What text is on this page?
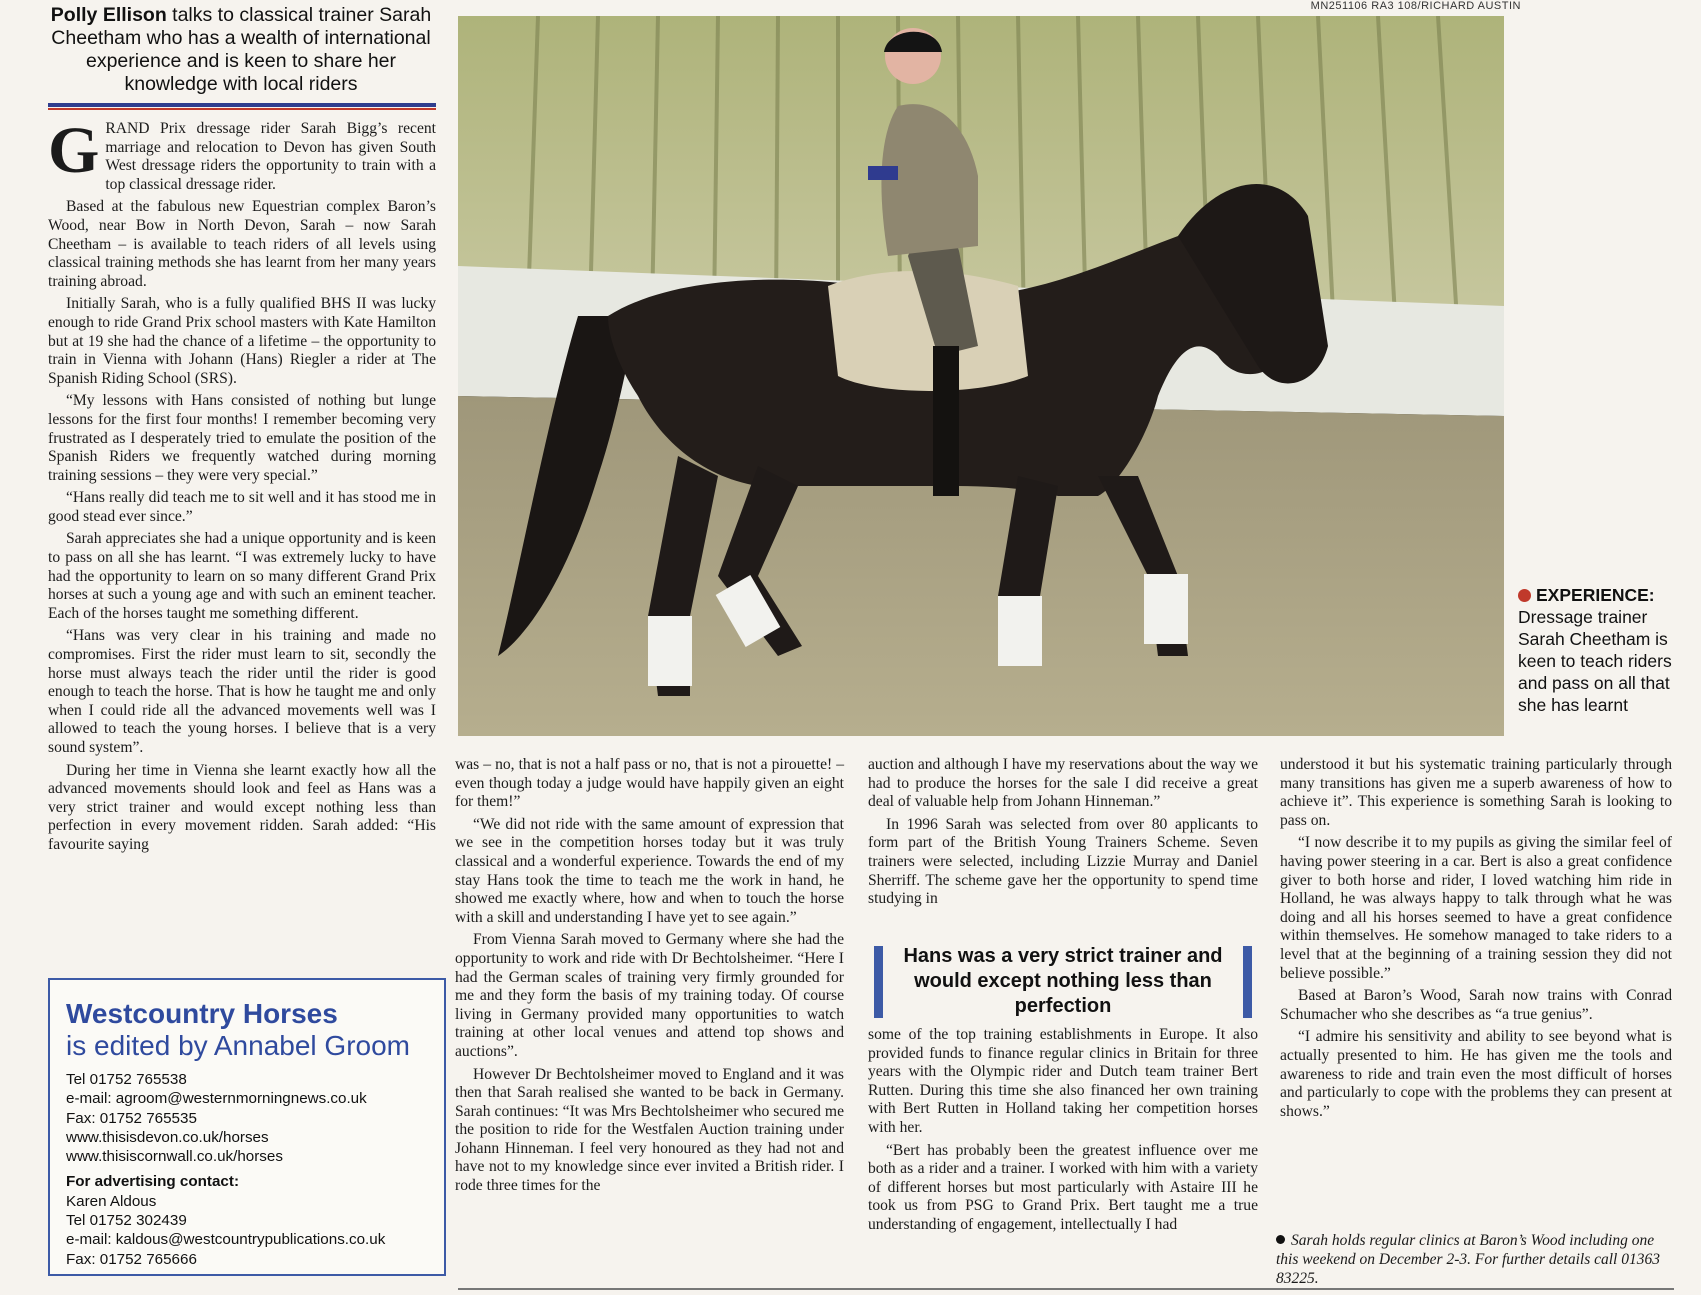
MN251106 RA3 108/RICHARD AUSTIN
Polly Ellison talks to classical trainer Sarah Cheetham who has a wealth of international experience and is keen to share her knowledge with local riders

GRAND Prix dressage rider Sarah Bigg’s recent marriage and relocation to Devon has given South West dressage riders the opportunity to train with a top classical dressage rider.

Based at the fabulous new Equestrian complex Baron’s Wood, near Bow in North Devon, Sarah – now Sarah Cheetham – is available to teach riders of all levels using classical training methods she has learnt from her many years training abroad.

Initially Sarah, who is a fully qualified BHS II was lucky enough to ride Grand Prix school masters with Kate Hamilton but at 19 she had the chance of a lifetime – the opportunity to train in Vienna with Johann (Hans) Riegler a rider at The Spanish Riding School (SRS).

“My lessons with Hans consisted of nothing but lunge lessons for the first four months! I remember becoming very frustrated as I desperately tried to emulate the position of the Spanish Riders we frequently watched during morning training sessions – they were very special.”

“Hans really did teach me to sit well and it has stood me in good stead ever since.”

Sarah appreciates she had a unique opportunity and is keen to pass on all she has learnt. “I was extremely lucky to have had the opportunity to learn on so many different Grand Prix horses at such a young age and with such an eminent teacher. Each of the horses taught me something different.

“Hans was very clear in his training and made no compromises. First the rider must learn to sit, secondly the horse must always teach the rider until the rider is good enough to teach the horse. That is how he taught me and only when I could ride all the advanced movements well was I allowed to teach the young horses. I believe that is a very sound system”.

During her time in Vienna she learnt exactly how all the advanced movements should look and feel as Hans was a very strict trainer and would except nothing less than perfection in every movement ridden. Sarah added: “His favourite saying

EXPERIENCE:
Dressage trainer Sarah Cheetham is keen to teach riders and pass on all that she has learnt

was – no, that is not a half pass or no, that is not a pirouette! – even though today a judge would have happily given an eight for them!”

“We did not ride with the same amount of expression that we see in the competition horses today but it was truly classical and a wonderful experience. Towards the end of my stay Hans took the time to teach me the work in hand, he showed me exactly where, how and when to touch the horse with a skill and understanding I have yet to see again.”

From Vienna Sarah moved to Germany where she had the opportunity to work and ride with Dr Bechtolsheimer. “Here I had the German scales of training very firmly grounded for me and they form the basis of my training today. Of course living in Germany provided many opportunities to watch training at other local venues and attend top shows and auctions”.

However Dr Bechtolsheimer moved to England and it was then that Sarah realised she wanted to be back in Germany. Sarah continues: “It was Mrs Bechtolsheimer who secured me the position to ride for the Westfalen Auction training under Johann Hinneman. I feel very honoured as they had not and have not to my knowledge since ever invited a British rider. I rode three times for the

auction and although I have my reservations about the way we had to produce the horses for the sale I did receive a great deal of valuable help from Johann Hinneman.”

In 1996 Sarah was selected from over 80 applicants to form part of the British Young Trainers Scheme. Seven trainers were selected, including Lizzie Murray and Daniel Sherriff. The scheme gave her the opportunity to spend time studying in

Hans was a very strict trainer and would except nothing less than perfection

some of the top training establishments in Europe. It also provided funds to finance regular clinics in Britain for three years with the Olympic rider and Dutch team trainer Bert Rutten. During this time she also financed her own training with Bert Rutten in Holland taking her competition horses with her.

“Bert has probably been the greatest influence over me both as a rider and a trainer. I worked with him with a variety of different horses but most particularly with Astaire III he took us from PSG to Grand Prix. Bert taught me a true understanding of engagement, intellectually I had

understood it but his systematic training particularly through many transitions has given me a superb awareness of how to achieve it”. This experience is something Sarah is looking to pass on.

“I now describe it to my pupils as giving the similar feel of having power steering in a car. Bert is also a great confidence giver to both horse and rider, I loved watching him ride in Holland, he was always happy to talk through what he was doing and all his horses seemed to have a great confidence within themselves. He somehow managed to take riders to a level that at the beginning of a training session they did not believe possible.”

Based at Baron’s Wood, Sarah now trains with Conrad Schumacher who she describes as “a true genius”.

“I admire his sensitivity and ability to see beyond what is actually presented to him. He has given me the tools and awareness to ride and train even the most difficult of horses and particularly to cope with the problems they can present at shows.”

Sarah holds regular clinics at Baron’s Wood including one this weekend on December 2-3. For further details call 01363 83225.
Westcountry Horses
is edited by Annabel Groom
Tel 01752 765538
e-mail: agroom@westernmorningnews.co.uk
Fax: 01752 765535
www.thisisdevon.co.uk/horses
www.thisiscornwall.co.uk/horses
For advertising contact:
Karen Aldous
Tel 01752 302439
e-mail: kaldous@westcountrypublications.co.uk
Fax: 01752 765666
